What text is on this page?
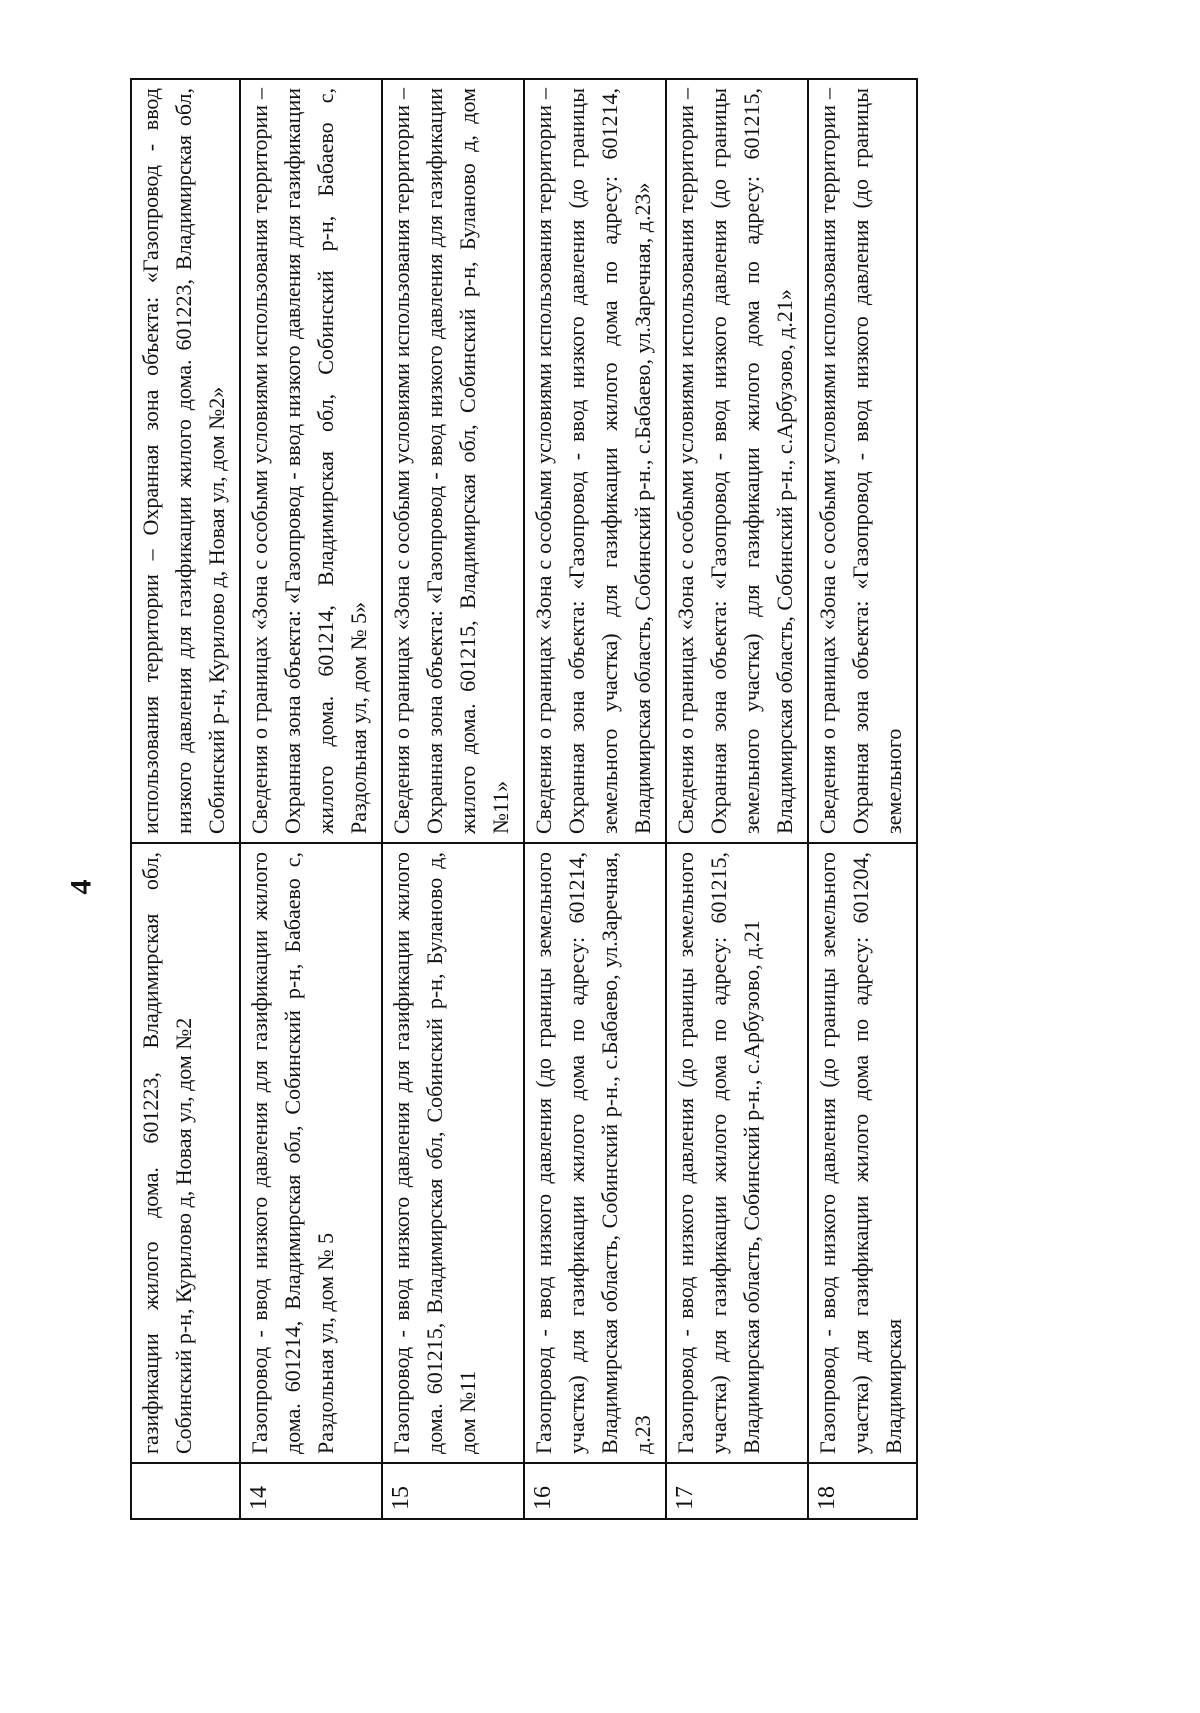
4
	газификации жилого дома. 601223, Владимирская обл, Собинский р-н, Курилово д, Новая ул, дом №2	использования территории – Охранная зона объекта: «Газопровод - ввод низкого давления для газификации жилого дома. 601223, Владимирская обл, Собинский р-н, Курилово д, Новая ул, дом №2»
14	Газопровод - ввод низкого давления для газификации жилого дома. 601214, Владимирская обл, Собинский р-н, Бабаево с, Раздольная ул, дом № 5	Сведения о границах «Зона с особыми условиями использования территории – Охранная зона объекта: «Газопровод - ввод низкого давления для газификации жилого дома. 601214, Владимирская обл, Собинский р-н, Бабаево с, Раздольная ул, дом № 5»
15	Газопровод - ввод низкого давления для газификации жилого дома. 601215, Владимирская обл, Собинский р-н, Буланово д, дом №11	Сведения о границах «Зона с особыми условиями использования территории – Охранная зона объекта: «Газопровод - ввод низкого давления для газификации жилого дома. 601215, Владимирская обл, Собинский р-н, Буланово д, дом №11»
16	Газопровод - ввод низкого давления (до границы земельного участка) для газификации жилого дома по адресу: 601214, Владимирская область, Собинский р-н., с.Бабаево, ул.Заречная, д.23	Сведения о границах «Зона с особыми условиями использования территории – Охранная зона объекта: «Газопровод - ввод низкого давления (до границы земельного участка) для газификации жилого дома по адресу: 601214, Владимирская область, Собинский р-н., с.Бабаево, ул.Заречная, д.23»
17	Газопровод - ввод низкого давления (до границы земельного участка) для газификации жилого дома по адресу: 601215, Владимирская область, Собинский р-н., с.Арбузово, д.21	Сведения о границах «Зона с особыми условиями использования территории – Охранная зона объекта: «Газопровод - ввод низкого давления (до границы земельного участка) для газификации жилого дома по адресу: 601215, Владимирская область, Собинский р-н., с.Арбузово, д.21»
18	Газопровод - ввод низкого давления (до границы земельного участка) для газификации жилого дома по адресу: 601204, Владимирская	Сведения о границах «Зона с особыми условиями использования территории – Охранная зона объекта: «Газопровод - ввод низкого давления (до границы земельного
